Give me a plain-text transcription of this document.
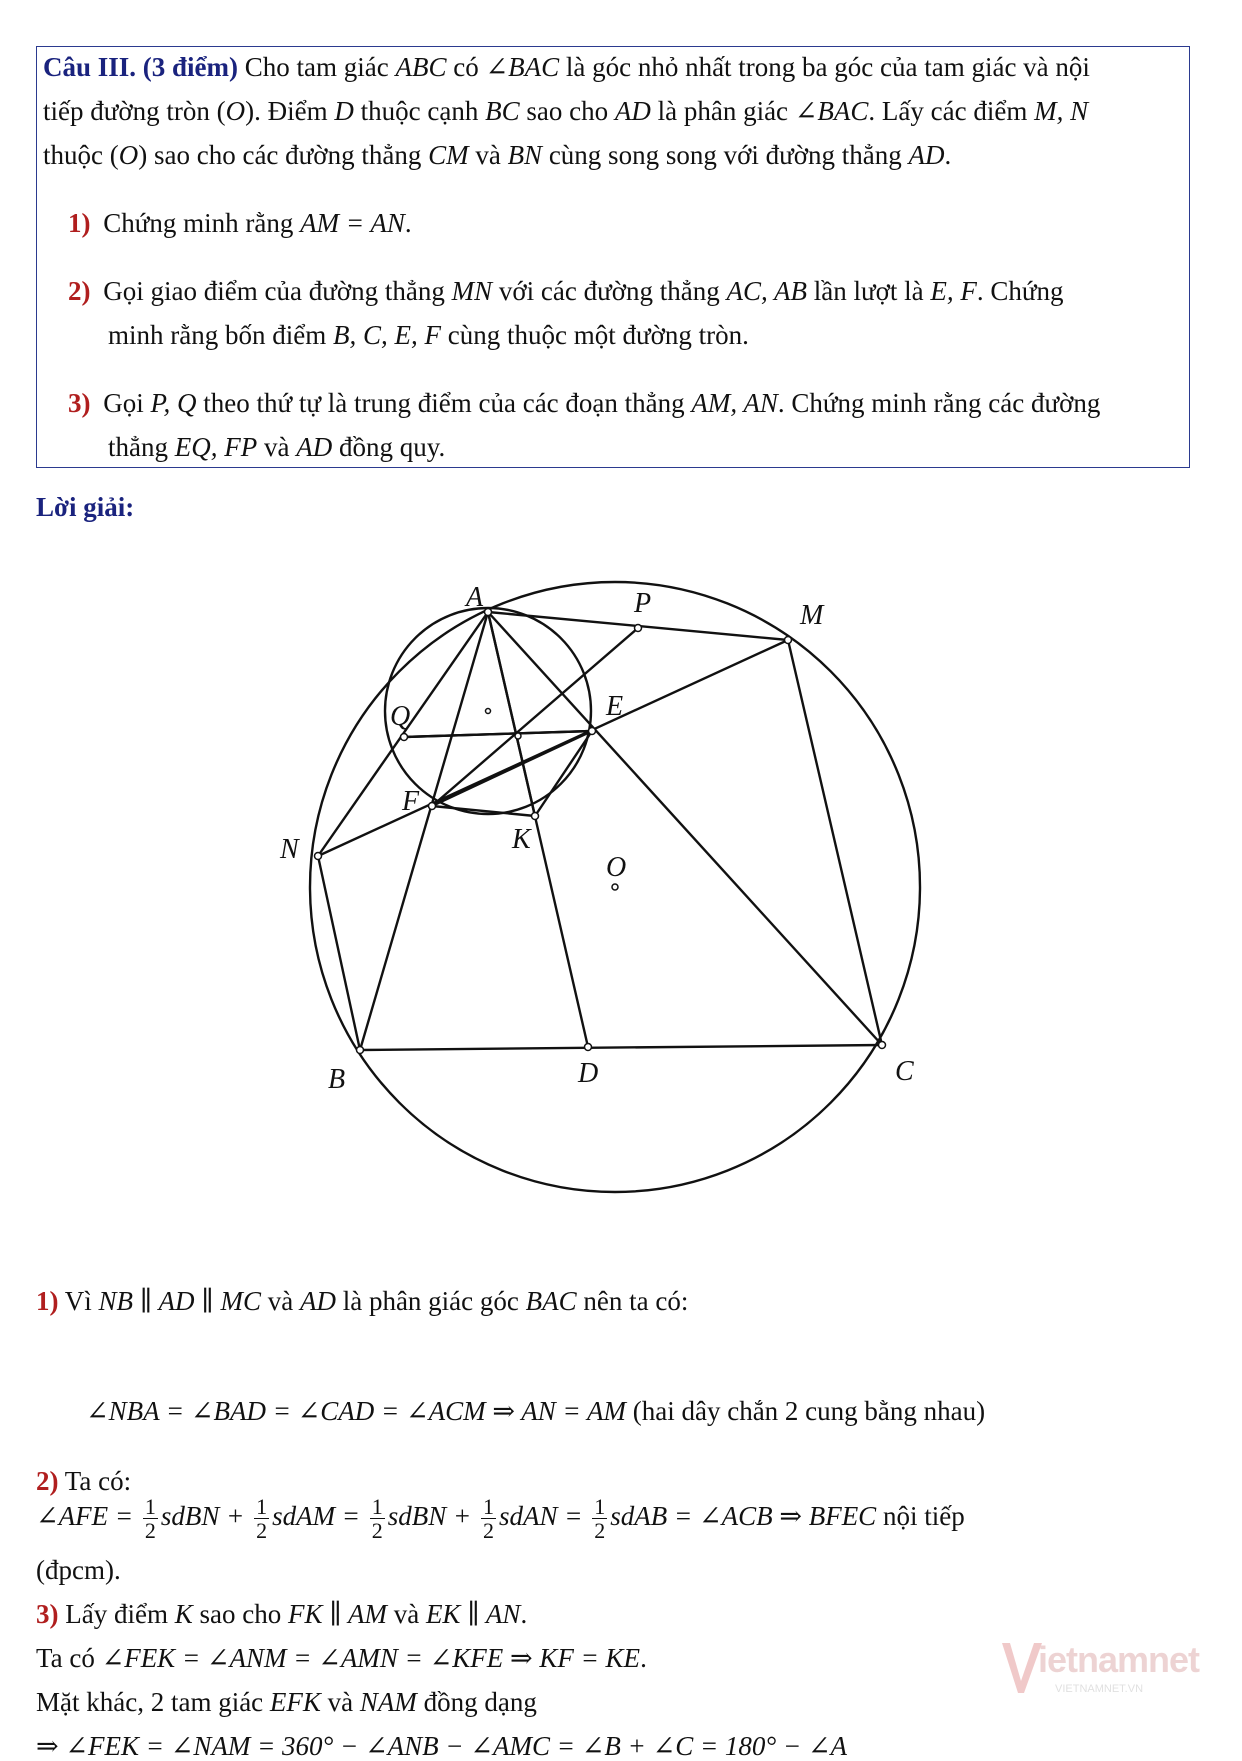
Câu III. (3 điểm) Cho tam giác ABC có ∠BAC là góc nhỏ nhất trong ba góc của tam giác và nội
tiếp đường tròn (O). Điểm D thuộc cạnh BC sao cho AD là phân giác ∠BAC. Lấy các điểm M, N
thuộc (O) sao cho các đường thẳng CM và BN cùng song song với đường thẳng AD.
1) Chứng minh rằng AM = AN.
2) Gọi giao điểm của đường thẳng MN với các đường thẳng AC, AB lần lượt là E, F. Chứng
minh rằng bốn điểm B, C, E, F cùng thuộc một đường tròn.
3) Gọi P, Q theo thứ tự là trung điểm của các đoạn thẳng AM, AN. Chứng minh rằng các đường
thẳng EQ, FP và AD đồng quy.
Lời giải:
A	P	M
Q	E
F
K
N
O
B	D	C
1) Vì NB ∥ AD ∥ MC và AD là phân giác góc BAC nên ta có:
∠NBA = ∠BAD = ∠CAD = ∠ACM ⇒ AN = AM (hai dây chắn 2 cung bằng nhau)
2) Ta có:
∠AFE = $\frac{1}{2}$ sdBN + $\frac{1}{2}$ sdAM = $\frac{1}{2}$ sdBN + $\frac{1}{2}$ sdAN = $\frac{1}{2}$ sdAB = ∠ACB ⇒ BFEC nội tiếp
(đpcm).
3) Lấy điểm K sao cho FK ∥ AM và EK ∥ AN.
Ta có ∠FEK = ∠ANM = ∠AMN = ∠KFE ⇒ KF = KE.
Mặt khác, 2 tam giác EFK và NAM đồng dạng
⇒ ∠FEK = ∠NAM = 360° − ∠ANB − ∠AMC = ∠B + ∠C = 180° − ∠A
ietnamnet
VIETNAMNET.VN
